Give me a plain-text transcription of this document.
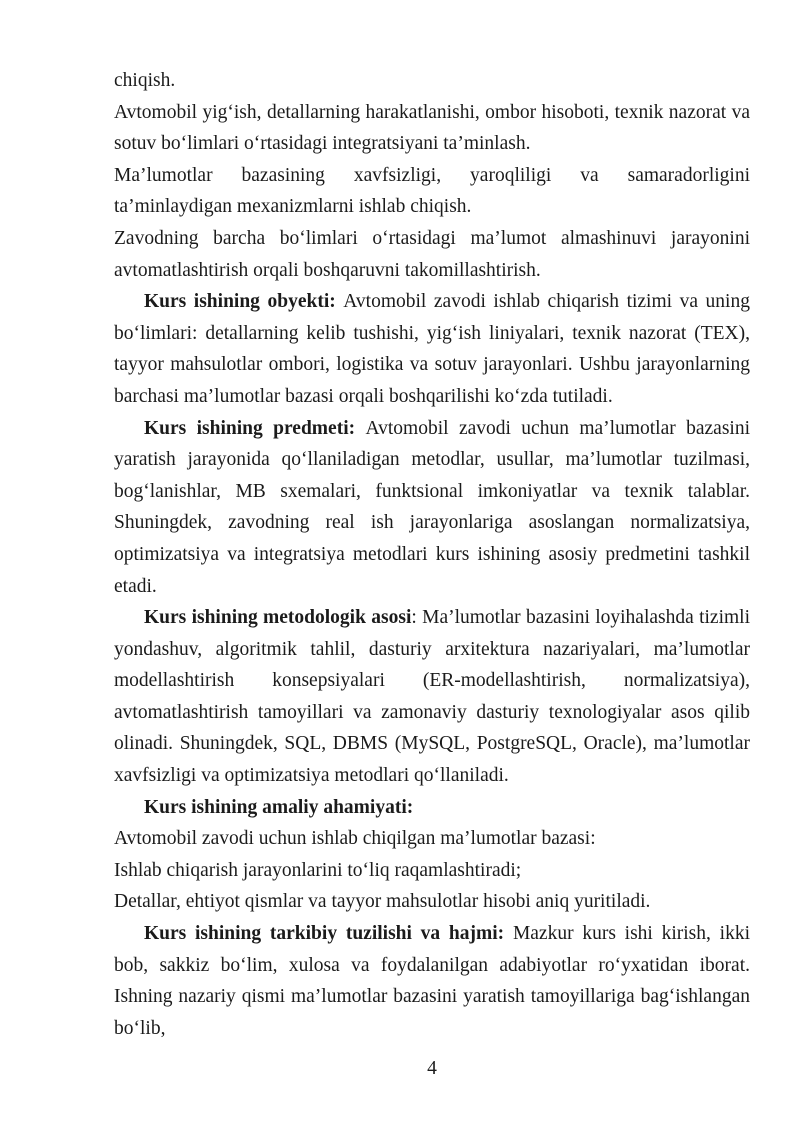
chiqish.

Avtomobil yig‘ish, detallarning harakatlanishi, ombor hisoboti, texnik nazorat va sotuv bo‘limlari o‘rtasidagi integratsiyani ta’minlash.

Ma’lumotlar bazasining xavfsizligi, yaroqliligi va samaradorligini ta’minlaydigan mexanizmlarni ishlab chiqish.

Zavodning barcha bo‘limlari o‘rtasidagi ma’lumot almashinuvi jarayonini avtomatlashtirish orqali boshqaruvni takomillashtirish.

Kurs ishining obyekti: Avtomobil zavodi ishlab chiqarish tizimi va uning bo‘limlari: detallarning kelib tushishi, yig‘ish liniyalari, texnik nazorat (TEX), tayyor mahsulotlar ombori, logistika va sotuv jarayonlari. Ushbu jarayonlarning barchasi ma’lumotlar bazasi orqali boshqarilishi ko‘zda tutiladi.

Kurs ishining predmeti: Avtomobil zavodi uchun ma’lumotlar bazasini yaratish jarayonida qo‘llaniladigan metodlar, usullar, ma’lumotlar tuzilmasi, bog‘lanishlar, MB sxemalari, funktsional imkoniyatlar va texnik talablar. Shuningdek, zavodning real ish jarayonlariga asoslangan normalizatsiya, optimizatsiya va integratsiya metodlari kurs ishining asosiy predmetini tashkil etadi.

Kurs ishining metodologik asosi: Ma’lumotlar bazasini loyihalashda tizimli yondashuv, algoritmik tahlil, dasturiy arxitektura nazariyalari, ma’lumotlar modellashtirish konsepsiyalari (ER-modellashtirish, normalizatsiya), avtomatlashtirish tamoyillari va zamonaviy dasturiy texnologiyalar asos qilib olinadi. Shuningdek, SQL, DBMS (MySQL, PostgreSQL, Oracle), ma’lumotlar xavfsizligi va optimizatsiya metodlari qo‘llaniladi.

Kurs ishining amaliy ahamiyati:

Avtomobil zavodi uchun ishlab chiqilgan ma’lumotlar bazasi:

Ishlab chiqarish jarayonlarini to‘liq raqamlashtiradi;

Detallar, ehtiyot qismlar va tayyor mahsulotlar hisobi aniq yuritiladi.

Kurs ishining tarkibiy tuzilishi va hajmi: Mazkur kurs ishi kirish, ikki bob, sakkiz bo‘lim, xulosa va foydalanilgan adabiyotlar ro‘yxatidan iborat. Ishning nazariy qismi ma’lumotlar bazasini yaratish tamoyillariga bag‘ishlangan bo‘lib,

4
